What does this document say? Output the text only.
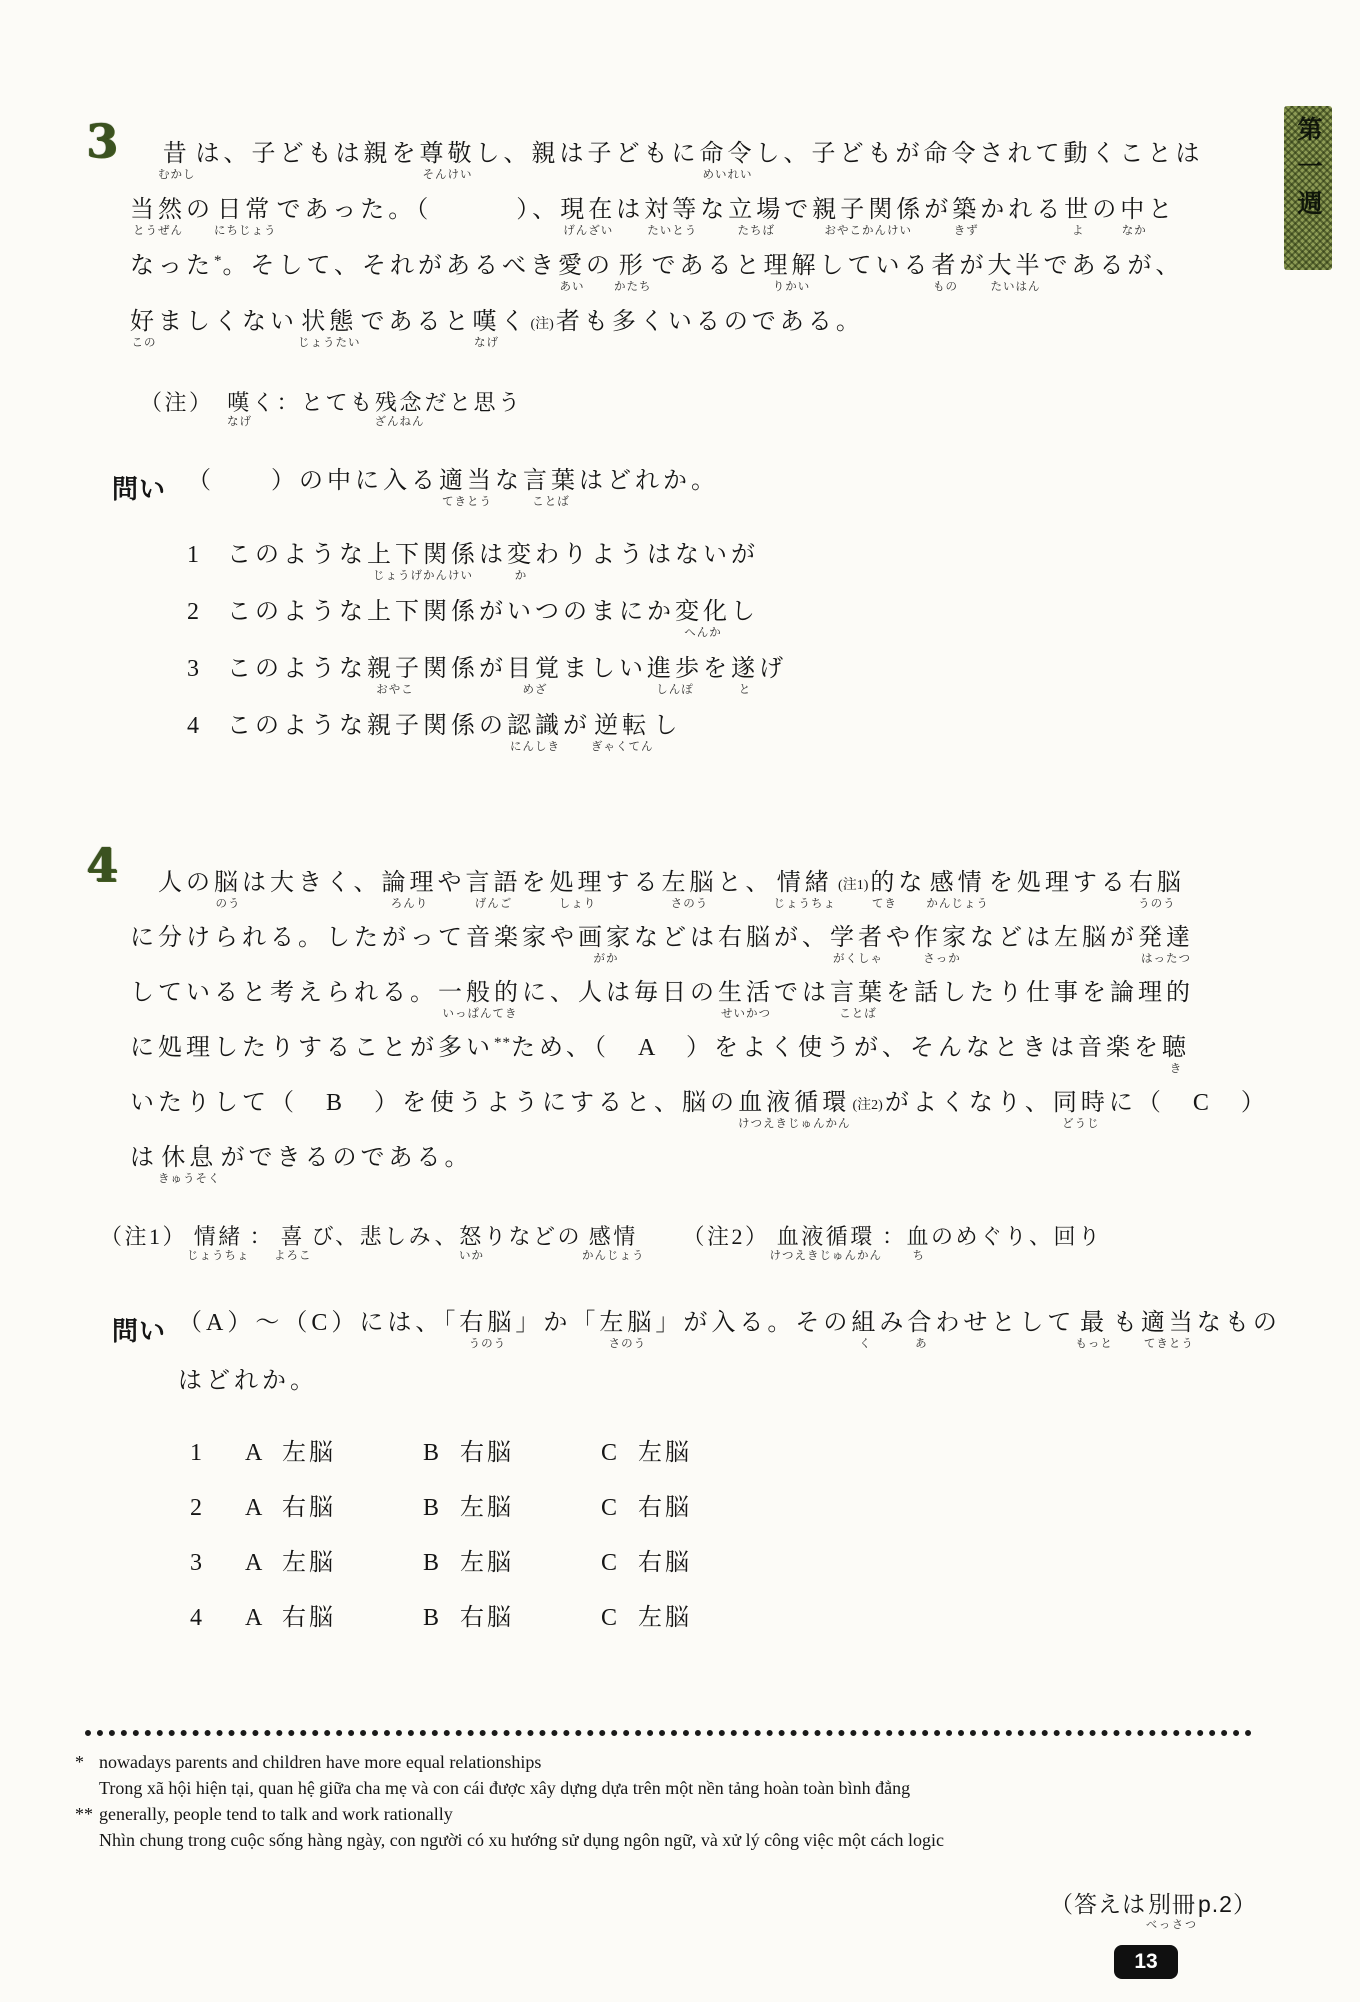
第一週
3
　 昔
むかし
は、子どもは親を 尊敬
そんけい
し、親は子どもに 命令
めいれい
し、子どもが命令されて動くことは
当然
とうぜん
の 日常
にちじょう
であった。（　　　）、 現在
げんざい
は 対等
たいとう
な 立場
たちば
で 親子関係
おやこかんけい
が 築
きず
かれる 世
よ
の 中
なか
と
なった*。そして、それがあるべき 愛
あい
の 形
かたち
であると 理解
りかい
している 者
もの
が 大半
たいはん
であるが、
好
この
ましくない 状態
じょうたい
であると 嘆
なげ
く (注)者も多くいるのである。
（注）　 嘆
なげ
く：とても 残念
ざんねん
だと思う
問い （　　）の中に入る 適当
てきとう
な 言葉
ことば
はどれか。
1	このような 上下関係
じょうげかんけい
は 変
か
わりようはないが
2	このような上下関係がいつのまにか 変化
へんか
し
3	このような 親子
おやこ
関係が 目覚
めざ
ましい 進歩
しんぽ
を 遂
と
げ
4	このような親子関係の 認識
にんしき
が 逆転
ぎゃくてん
し
4 　人の 脳
のう
は大きく、 論理
ろんり
や 言語
げんご
を 処理
しょり
する 左脳
さのう
と、 情緒
じょうちょ
(注1) 的
てき
な 感情
かんじょう
を処理する 右脳
うのう
に分けられる。したがって音楽家や 画家
がか
などは右脳が、 学者
がくしゃ
や 作家
さっか
などは左脳が 発達
はったつ
していると考えられる。 一般的
いっぱんてき
に、人は毎日の 生活
せいかつ
では 言葉
ことば
を話したり仕事を論理的
に処理したりすることが多い**ため、（　A　）をよく使うが、そんなときは音楽を 聴
き
いたりして（　B　）を使うようにすると、脳の 血液循環
けつえきじゅんかん
(注2)がよくなり、 同時
どうじ
に（　C　）
は 休息
きゅうそく
ができるのである。
（注1） 情緒
じょうちょ
： 喜
よろこ
び、悲しみ、 怒
いか
りなどの 感情
かんじょう
　　（注2） 血液循環
けつえきじゅんかん
： 血
ち
のめぐり、回り
問い （A）～（C）には、「 右脳
うのう
」か「 左脳
さのう
」が入る。その 組
く
み 合
あ
わせとして 最
もっと
も 適当
てきとう
なもの
はどれか。
1	A 左脳	B 右脳	C 左脳
2	A 右脳	B 左脳	C 右脳
3	A 左脳	B 左脳	C 右脳
4	A 右脳	B 右脳	C 左脳
* nowadays parents and children have more equal relationships
Trong xã hội hiện tại, quan hệ giữa cha mẹ và con cái được xây dựng dựa trên một nền tảng hoàn toàn bình đẳng
** generally, people tend to talk and work rationally
Nhìn chung trong cuộc sống hàng ngày, con người có xu hướng sử dụng ngôn ngữ, và xử lý công việc một cách logic
（答えは 別冊
べっさつ
p.2）
13
